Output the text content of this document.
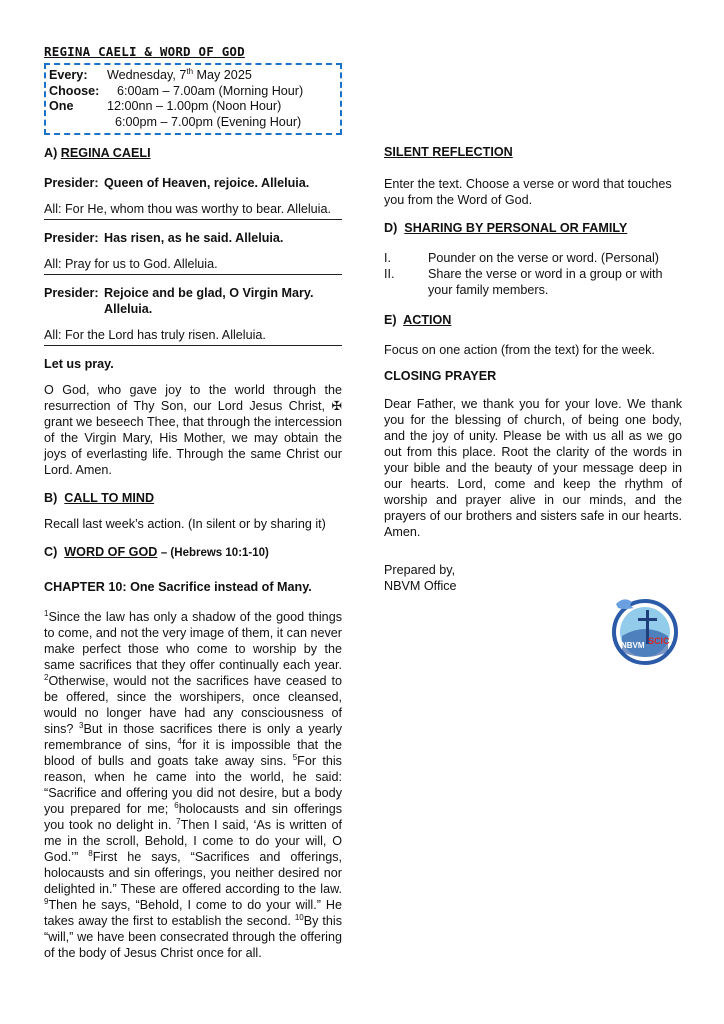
REGINA CAELI & WORD OF GOD

Every:	Wednesday, 7th May 2025
Choose:	6:00am – 7.00am (Morning Hour)
One	12:00nn – 1.00pm (Noon Hour)
6:00pm – 7.00pm (Evening Hour)

A) REGINA CAELI

Presider: Queen of Heaven, rejoice. Alleluia.

All: For He, whom thou was worthy to bear. Alleluia.

Presider: Has risen, as he said. Alleluia.

All: Pray for us to God. Alleluia.

Presider: Rejoice and be glad, O Virgin Mary. Alleluia.

All: For the Lord has truly risen. Alleluia.

Let us pray.

O God, who gave joy to the world through the resurrection of Thy Son, our Lord Jesus Christ, ✠ grant we beseech Thee, that through the intercession of the Virgin Mary, His Mother, we may obtain the joys of everlasting life. Through the same Christ our Lord. Amen.

B) CALL TO MIND

Recall last week’s action. (In silent or by sharing it)

C) WORD OF GOD – (Hebrews 10:1-10)

CHAPTER 10: One Sacrifice instead of Many.

$^1$Since the law has only a shadow of the good things to come, and not the very image of them, it can never make perfect those who come to worship by the same sacrifices that they offer continually each year. $^2$Otherwise, would not the sacrifices have ceased to be offered, since the worshipers, once cleansed, would no longer have had any consciousness of sins? $^3$But in those sacrifices there is only a yearly remembrance of sins, $^4$for it is impossible that the blood of bulls and goats take away sins. $^5$For this reason, when he came into the world, he said: “Sacrifice and offering you did not desire, but a body you prepared for me; $^6$holocausts and sin offerings you took no delight in. $^7$Then I said, ‘As is written of me in the scroll, Behold, I come to do your will, O God.’” $^8$First he says, “Sacrifices and offerings, holocausts and sin offerings, you neither desired nor delighted in.” These are offered according to the law. $^9$Then he says, “Behold, I come to do your will.” He takes away the first to establish the second. $^{10}$By this “will,” we have been consecrated through the offering of the body of Jesus Christ once for all.

SILENT REFLECTION

Enter the text. Choose a verse or word that touches you from the Word of God.

D) SHARING BY PERSONAL OR FAMILY

I.	Pounder on the verse or word. (Personal)
II.	Share the verse or word in a group or with your family members.

E) ACTION

Focus on one action (from the text) for the week.

CLOSING PRAYER

Dear Father, we thank you for your love. We thank you for the blessing of church, of being one body, and the joy of unity. Please be with us all as we go out from this place. Root the clarity of the words in your bible and the beauty of your message deep in our hearts. Lord, come and keep the rhythm of worship and prayer alive in our minds, and the prayers of our brothers and sisters safe in our hearts. Amen.

Prepared by,

NBVM Office

NBVM SCIC
